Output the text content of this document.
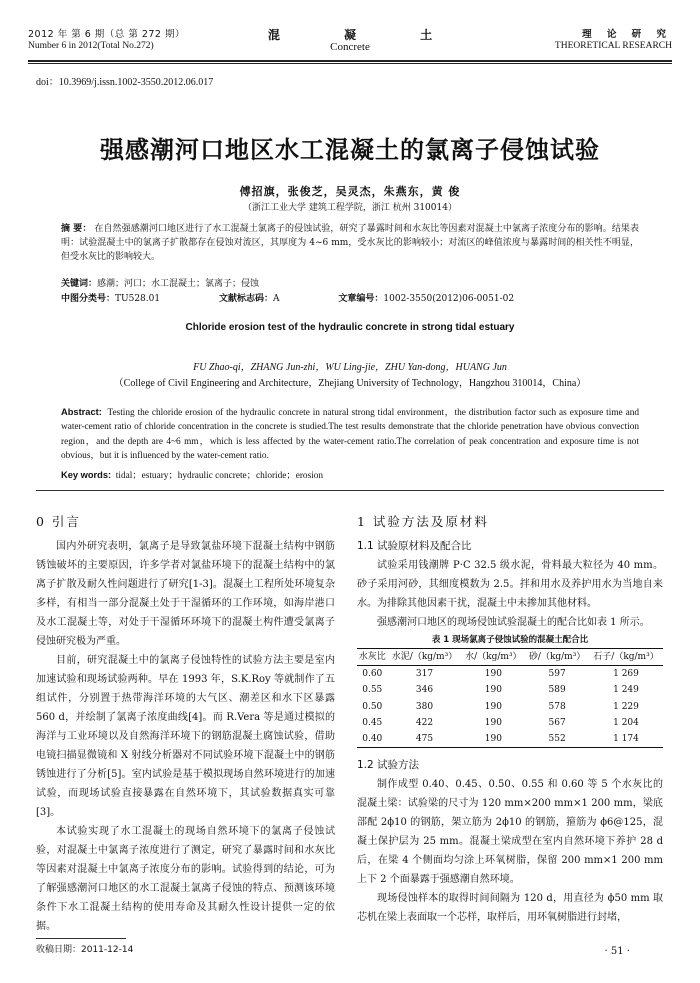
2012 年 第 6 期（总 第 272 期）
Number 6 in 2012(Total No.272)
混 凝 土
Concrete
理 论 研 究
THEORETICAL RESEARCH
doi：10.3969/j.issn.1002-3550.2012.06.017
强感潮河口地区水工混凝土的氯离子侵蚀试验
傅招旗，张俊芝，吴灵杰，朱燕东，黄 俊
（浙江工业大学 建筑工程学院，浙江 杭州 310014）
摘 要： 在自然强感潮河口地区进行了水工混凝土氯离子的侵蚀试验，研究了暴露时间和水灰比等因素对混凝土中氯离子浓度分布的影响。结果表明：试验混凝土中的氯离子扩散都存在侵蚀对流区，其厚度为 4~6 mm，受水灰比的影响较小；对流区的峰值浓度与暴露时间的相关性不明显，但受水灰比的影响较大。
关键词：感潮；河口；水工混凝土；氯离子；侵蚀
中图分类号：TU528.01	文献标志码：A	文章编号：1002-3550(2012)06-0051-02
Chloride erosion test of the hydraulic concrete in strong tidal estuary
FU Zhao-qi，ZHANG Jun-zhi，WU Ling-jie，ZHU Yan-dong，HUANG Jun
（College of Civil Engineering and Architecture，Zhejiang University of Technology，Hangzhou 310014，China）
Abstract: Testing the chloride erosion of the hydraulic concrete in natural strong tidal environment，the distribution factor such as exposure time and water-cement ratio of chloride concentration in the concrete is studied.The test results demonstrate that the chloride penetration have obvious convection region，and the depth are 4~6 mm，which is less affected by the water-cement ratio.The correlation of peak concentration and exposure time is not obvious，but it is influenced by the water-cement ratio.
Key words: tidal；estuary；hydraulic concrete；chloride；erosion
0 引言

国内外研究表明，氯离子是导致氯盐环境下混凝土结构中钢筋锈蚀破坏的主要原因，许多学者对氯盐环境下的混凝土结构中的氯离子扩散及耐久性问题进行了研究[1-3]。混凝土工程所处环境复杂多样，有相当一部分混凝土处于干湿循环的工作环境，如海岸港口及水工混凝土等，对处于干湿循环环境下的混凝土构件遭受氯离子侵蚀研究极为严重。

目前，研究混凝土中的氯离子侵蚀特性的试验方法主要是室内加速试验和现场试验两种。早在 1993 年，S.K.Roy 等就制作了五组试件，分别置于热带海洋环境的大气区、潮差区和水下区暴露 560 d，并绘制了氯离子浓度曲线[4]。而 R.Vera 等是通过模拟的海洋与工业环境以及自然海洋环境下的钢筋混凝土腐蚀试验，借助电镜扫描显微镜和 X 射线分析器对不同试验环境下混凝土中的钢筋锈蚀进行了分析[5]。室内试验是基于模拟现场自然环境进行的加速试验，而现场试验直接暴露在自然环境下，其试验数据真实可靠[3]。

本试验实现了水工混凝土的现场自然环境下的氯离子侵蚀试验，对混凝土中氯离子浓度进行了测定，研究了暴露时间和水灰比等因素对混凝土中氯离子浓度分布的影响。试验得到的结论，可为了解强感潮河口地区的水工混凝土氯离子侵蚀的特点、预测该环境条件下水工混凝土结构的使用寿命及其耐久性设计提供一定的依据。

收稿日期：2011-12-14
1 试验方法及原材料
1.1 试验原材料及配合比

试验采用钱潮牌 P·C 32.5 级水泥，骨料最大粒径为 40 mm。砂子采用河砂，其细度模数为 2.5。拌和用水及养护用水为当地自来水。为排除其他因素干扰，混凝土中未掺加其他材料。

强感潮河口地区的现场侵蚀试验混凝土的配合比如表 1 所示。

表 1 现场氯离子侵蚀试验的混凝土配合比
水灰比	水泥/（kg/m³）	水/（kg/m³）	砂/（kg/m³）	石子/（kg/m³）
0.60	317	190	597	1 269
0.55	346	190	589	1 249
0.50	380	190	578	1 229
0.45	422	190	567	1 204
0.40	475	190	552	1 174
1.2 试验方法

制作成型 0.40、0.45、0.50、0.55 和 0.60 等 5 个水灰比的混凝土梁：试验梁的尺寸为 120 mm×200 mm×1 200 mm，梁底部配 2ϕ10 的钢筋，架立筋为 2ϕ10 的钢筋，箍筋为 ϕ6@125，混凝土保护层为 25 mm。混凝土梁成型在室内自然环境下养护 28 d 后，在梁 4 个侧面均匀涂上环氧树脂，保留 200 mm×1 200 mm 上下 2 个面暴露于强感潮自然环境。

现场侵蚀样本的取得时间间隔为 120 d，用直径为 ϕ50 mm 取芯机在梁上表面取一个芯样，取样后，用环氧树脂进行封堵，

· 51 ·
